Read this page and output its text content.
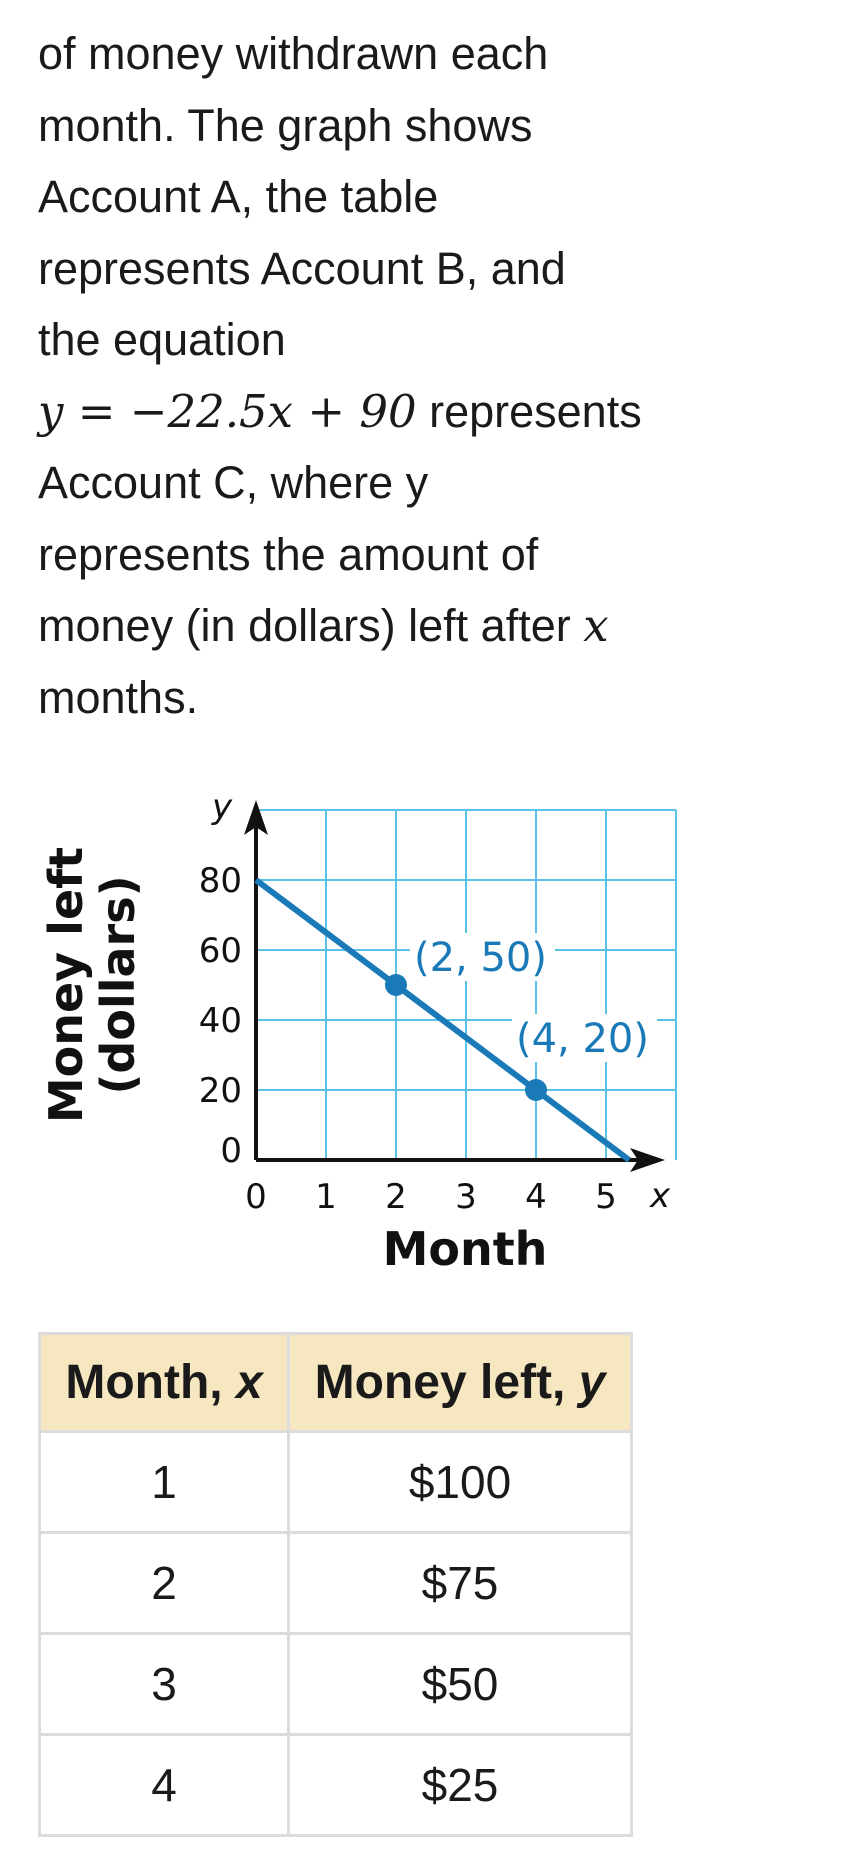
of money withdrawn each
month. The graph shows
Account A, the table
represents Account B, and
the equation
y = −22.5x + 90 represents
Account C, where y
represents the amount of
money (in dollars) left after x
months.
0 1 2 3 4 5
0
20
40
60
80
(2, 50)
(4, 20)
y
x
Money left
(dollars)
Month
Month, x	Money left, y
1	$100
2	$75
3	$50
4	$25
